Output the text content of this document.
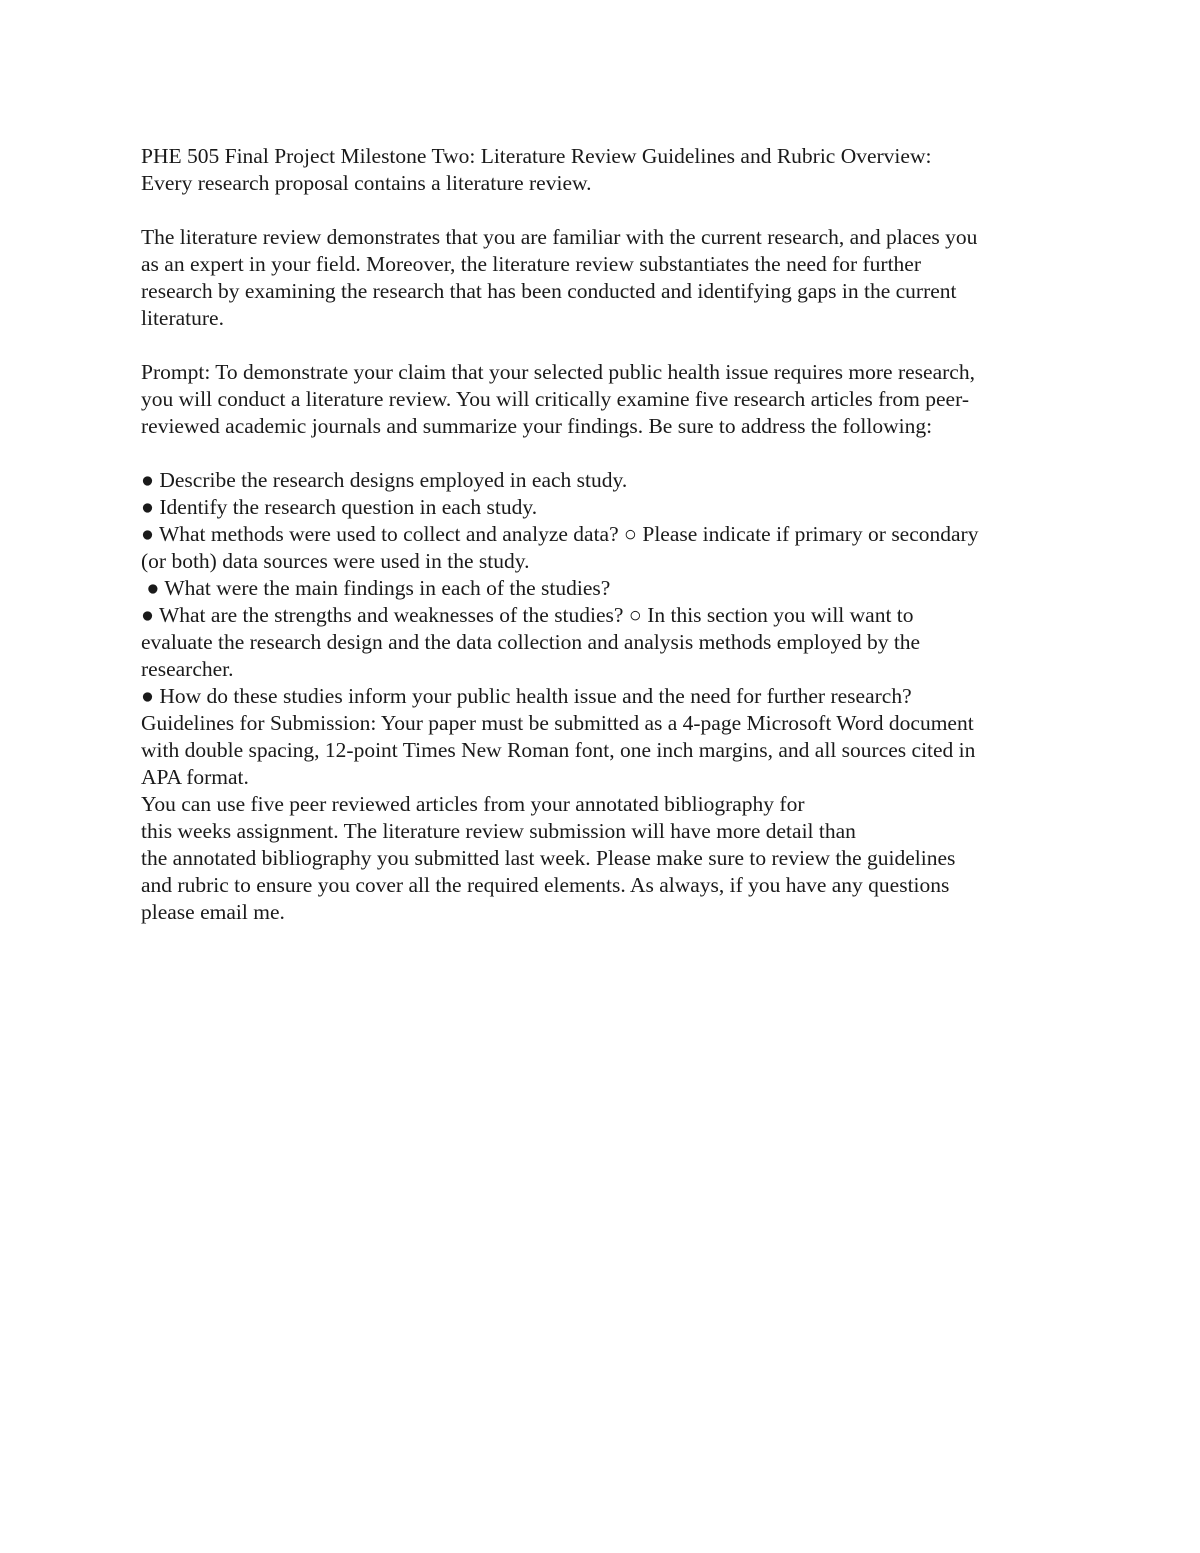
PHE 505 Final Project Milestone Two: Literature Review Guidelines and Rubric Overview:
Every research proposal contains a literature review.
The literature review demonstrates that you are familiar with the current research, and places you
as an expert in your field. Moreover, the literature review substantiates the need for further
research by examining the research that has been conducted and identifying gaps in the current
literature.
Prompt: To demonstrate your claim that your selected public health issue requires more research,
you will conduct a literature review. You will critically examine five research articles from peer-
reviewed academic journals and summarize your findings. Be sure to address the following:
● Describe the research designs employed in each study.
● Identify the research question in each study.
● What methods were used to collect and analyze data? ○ Please indicate if primary or secondary
(or both) data sources were used in the study.
● What were the main findings in each of the studies?
● What are the strengths and weaknesses of the studies? ○ In this section you will want to
evaluate the research design and the data collection and analysis methods employed by the
researcher.
● How do these studies inform your public health issue and the need for further research?
Guidelines for Submission: Your paper must be submitted as a 4-page Microsoft Word document
with double spacing, 12-point Times New Roman font, one inch margins, and all sources cited in
APA format.
You can use five peer reviewed articles from your annotated bibliography for
this weeks assignment. The literature review submission will have more detail than
the annotated bibliography you submitted last week. Please make sure to review the guidelines
and rubric to ensure you cover all the required elements. As always, if you have any questions
please email me.
